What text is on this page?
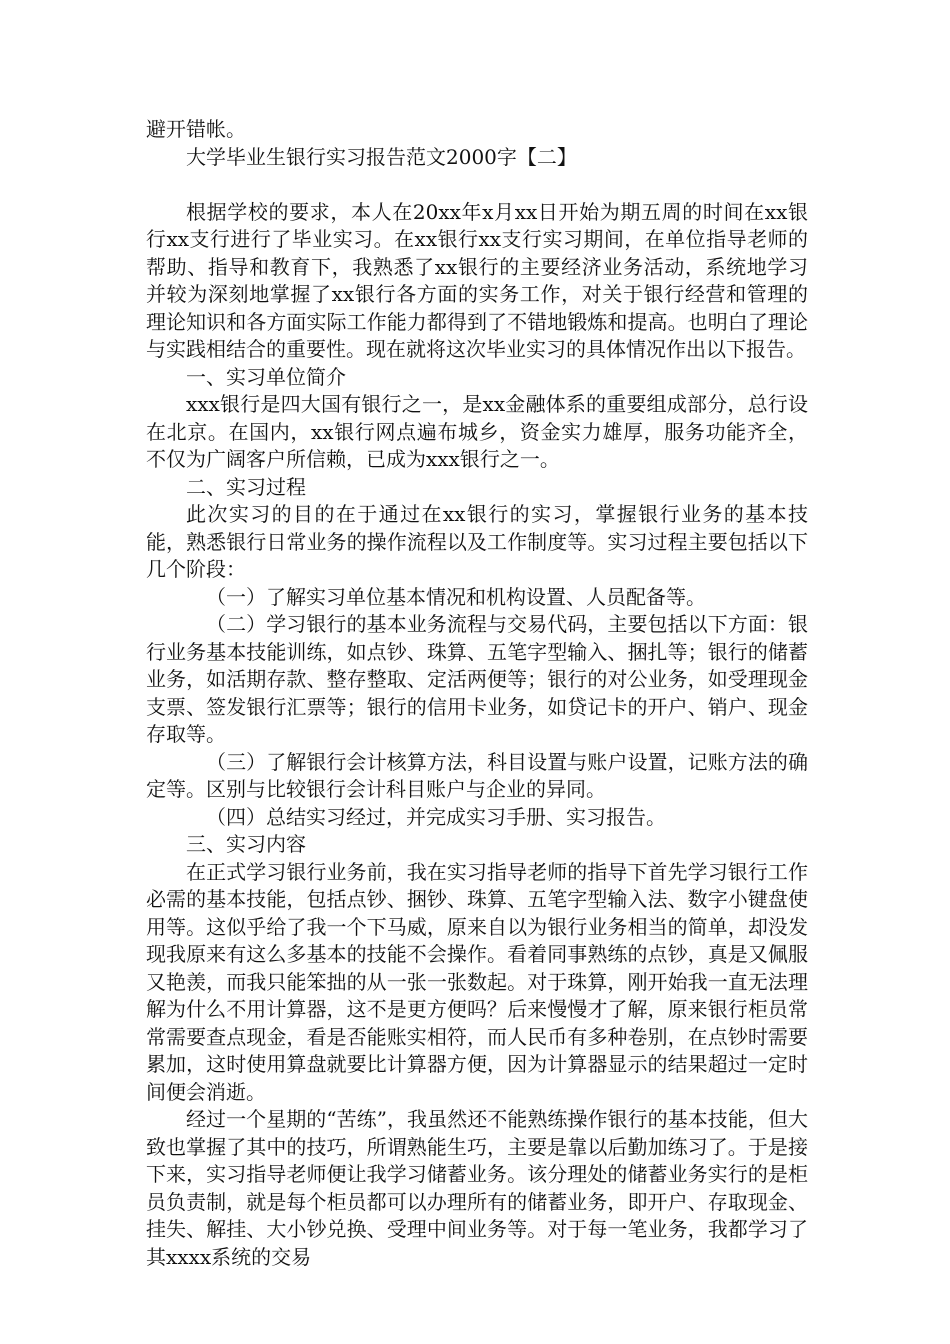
避开错帐。

大学毕业生银行实习报告范文2000字【二】

根据学校的要求，本人在20xx年x月xx日开始为期五周的时间在xx银行xx支行进行了毕业实习。在xx银行xx支行实习期间，在单位指导老师的帮助、指导和教育下，我熟悉了xx银行的主要经济业务活动，系统地学习并较为深刻地掌握了xx银行各方面的实务工作，对关于银行经营和管理的理论知识和各方面实际工作能力都得到了不错地锻炼和提高。也明白了理论与实践相结合的重要性。现在就将这次毕业实习的具体情况作出以下报告。

一、实习单位简介

xxx银行是四大国有银行之一，是xx金融体系的重要组成部分，总行设在北京。在国内，xx银行网点遍布城乡，资金实力雄厚，服务功能齐全，不仅为广阔客户所信赖，已成为xxx银行之一。

二、实习过程

此次实习的目的在于通过在xx银行的实习，掌握银行业务的基本技能，熟悉银行日常业务的操作流程以及工作制度等。实习过程主要包括以下几个阶段：

（一）了解实习单位基本情况和机构设置、人员配备等。

（二）学习银行的基本业务流程与交易代码，主要包括以下方面：银行业务基本技能训练，如点钞、珠算、五笔字型输入、捆扎等；银行的储蓄业务，如活期存款、整存整取、定活两便等；银行的对公业务，如受理现金支票、签发银行汇票等；银行的信用卡业务，如贷记卡的开户、销户、现金存取等。

（三）了解银行会计核算方法，科目设置与账户设置，记账方法的确定等。区别与比较银行会计科目账户与企业的异同。

（四）总结实习经过，并完成实习手册、实习报告。

三、实习内容

在正式学习银行业务前，我在实习指导老师的指导下首先学习银行工作必需的基本技能，包括点钞、捆钞、珠算、五笔字型输入法、数字小键盘使用等。这似乎给了我一个下马威，原来自以为银行业务相当的简单，却没发现我原来有这么多基本的技能不会操作。看着同事熟练的点钞，真是又佩服又艳羡，而我只能笨拙的从一张一张数起。对于珠算，刚开始我一直无法理解为什么不用计算器，这不是更方便吗？后来慢慢才了解，原来银行柜员常常需要查点现金，看是否能账实相符，而人民币有多种卷别，在点钞时需要累加，这时使用算盘就要比计算器方便，因为计算器显示的结果超过一定时间便会消逝。

经过一个星期的“苦练”，我虽然还不能熟练操作银行的基本技能，但大致也掌握了其中的技巧，所谓熟能生巧，主要是靠以后勤加练习了。于是接下来，实习指导老师便让我学习储蓄业务。该分理处的储蓄业务实行的是柜员负责制，就是每个柜员都可以办理所有的储蓄业务，即开户、存取现金、挂失、解挂、大小钞兑换、受理中间业务等。对于每一笔业务，我都学习了其xxxx系统的交易
